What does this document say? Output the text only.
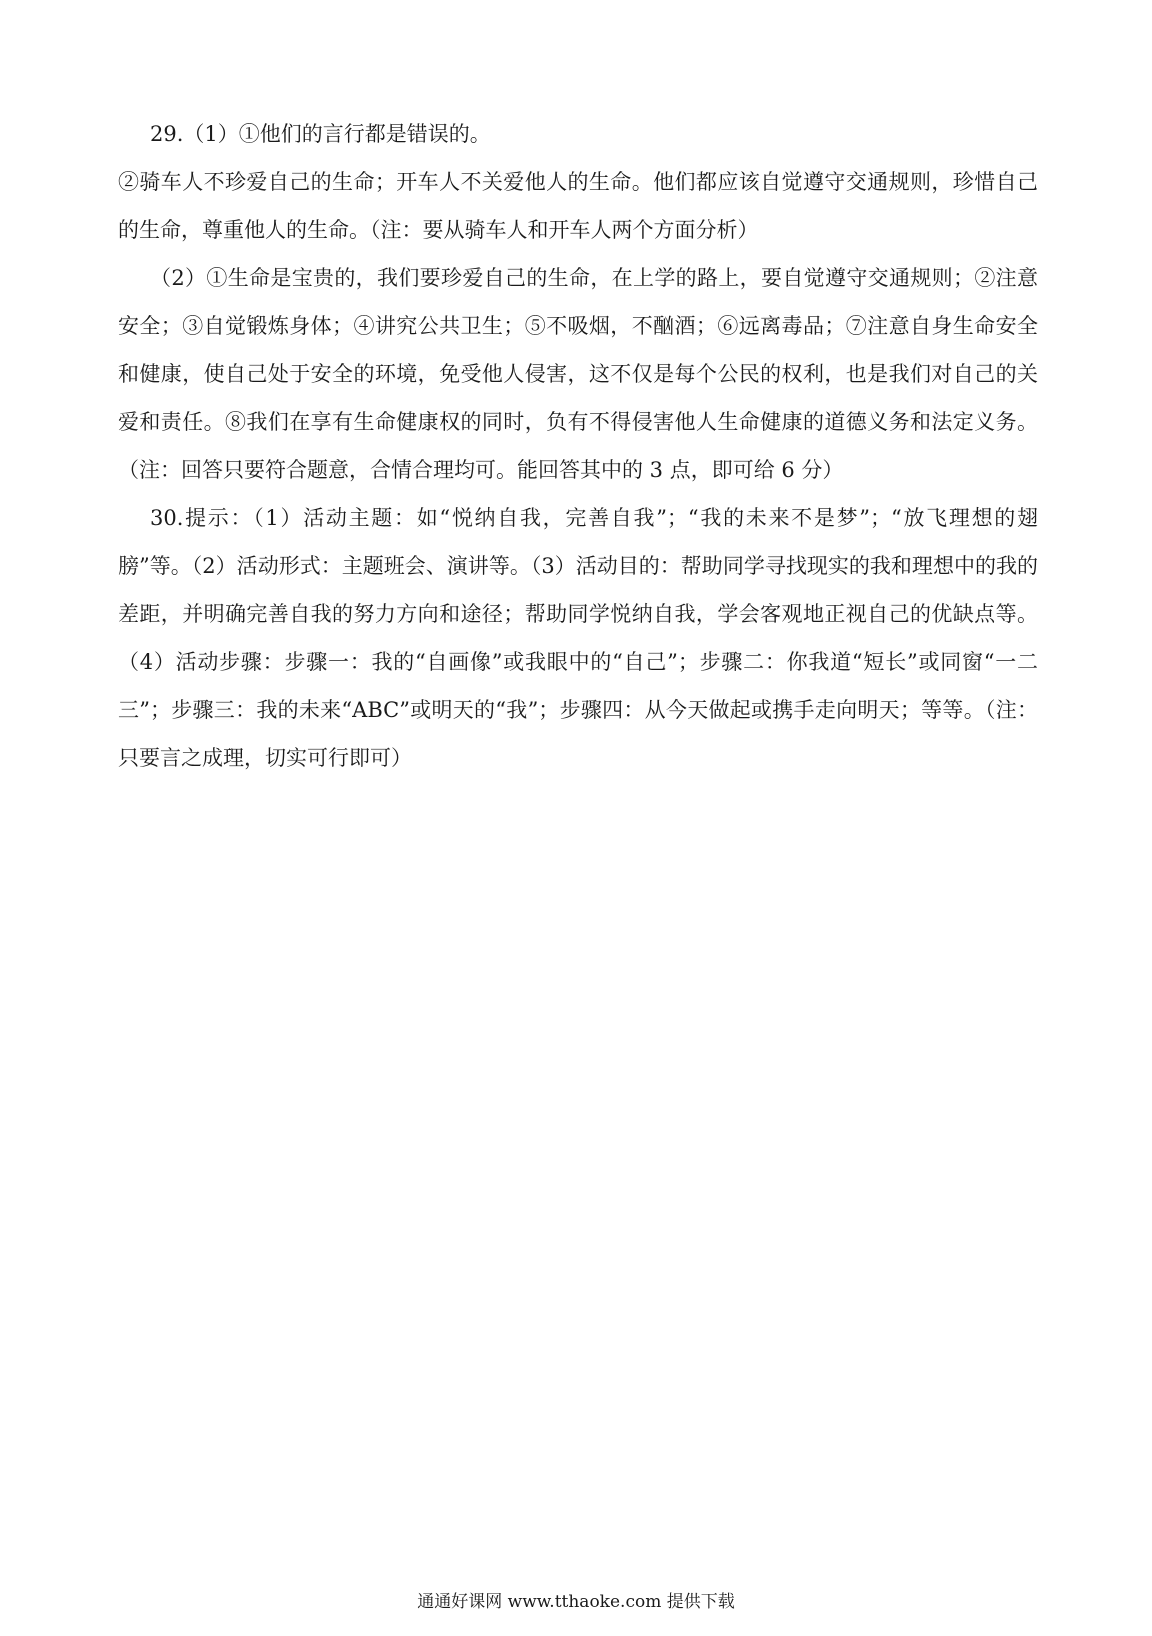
29.（1）①他们的言行都是错误的。

②骑车人不珍爱自己的生命；开车人不关爱他人的生命。他们都应该自觉遵守交通规则，珍惜自己的生命，尊重他人的生命。（注：要从骑车人和开车人两个方面分析）

（2）①生命是宝贵的，我们要珍爱自己的生命，在上学的路上，要自觉遵守交通规则；②注意安全；③自觉锻炼身体；④讲究公共卫生；⑤不吸烟，不酗酒；⑥远离毒品；⑦注意自身生命安全和健康，使自己处于安全的环境，免受他人侵害，这不仅是每个公民的权利，也是我们对自己的关爱和责任。⑧我们在享有生命健康权的同时，负有不得侵害他人生命健康的道德义务和法定义务。（注：回答只要符合题意，合情合理均可。能回答其中的 3 点，即可给 6 分）

30.提示：（1）活动主题：如“悦纳自我，完善自我”；“我的未来不是梦”；“放飞理想的翅膀”等。（2）活动形式：主题班会、演讲等。（3）活动目的：帮助同学寻找现实的我和理想中的我的差距，并明确完善自我的努力方向和途径；帮助同学悦纳自我，学会客观地正视自己的优缺点等。（4）活动步骤：步骤一：我的“自画像”或我眼中的“自己”；步骤二：你我道“短长”或同窗“一二三”；步骤三：我的未来“ABC”或明天的“我”；步骤四：从今天做起或携手走向明天；等等。（注：只要言之成理，切实可行即可）

通通好课网 www.tthaoke.com 提供下载
